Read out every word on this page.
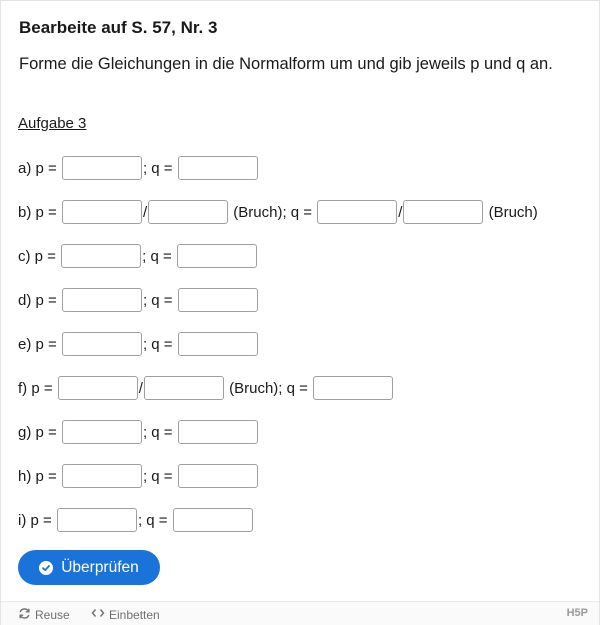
Bearbeite auf S. 57, Nr. 3

Forme die Gleichungen in die Normalform um und gib jeweils p und q an.

Aufgabe 3
a) p =	; q =
b) p =	/	(Bruch); q =	/	(Bruch)
c) p =	; q =
d) p =	; q =
e) p =	; q =
f) p =	/	(Bruch); q =
g) p =	; q =
h) p =	; q =
i) p =	; q =
Überprüfen
Reuse	Einbetten	H5P
